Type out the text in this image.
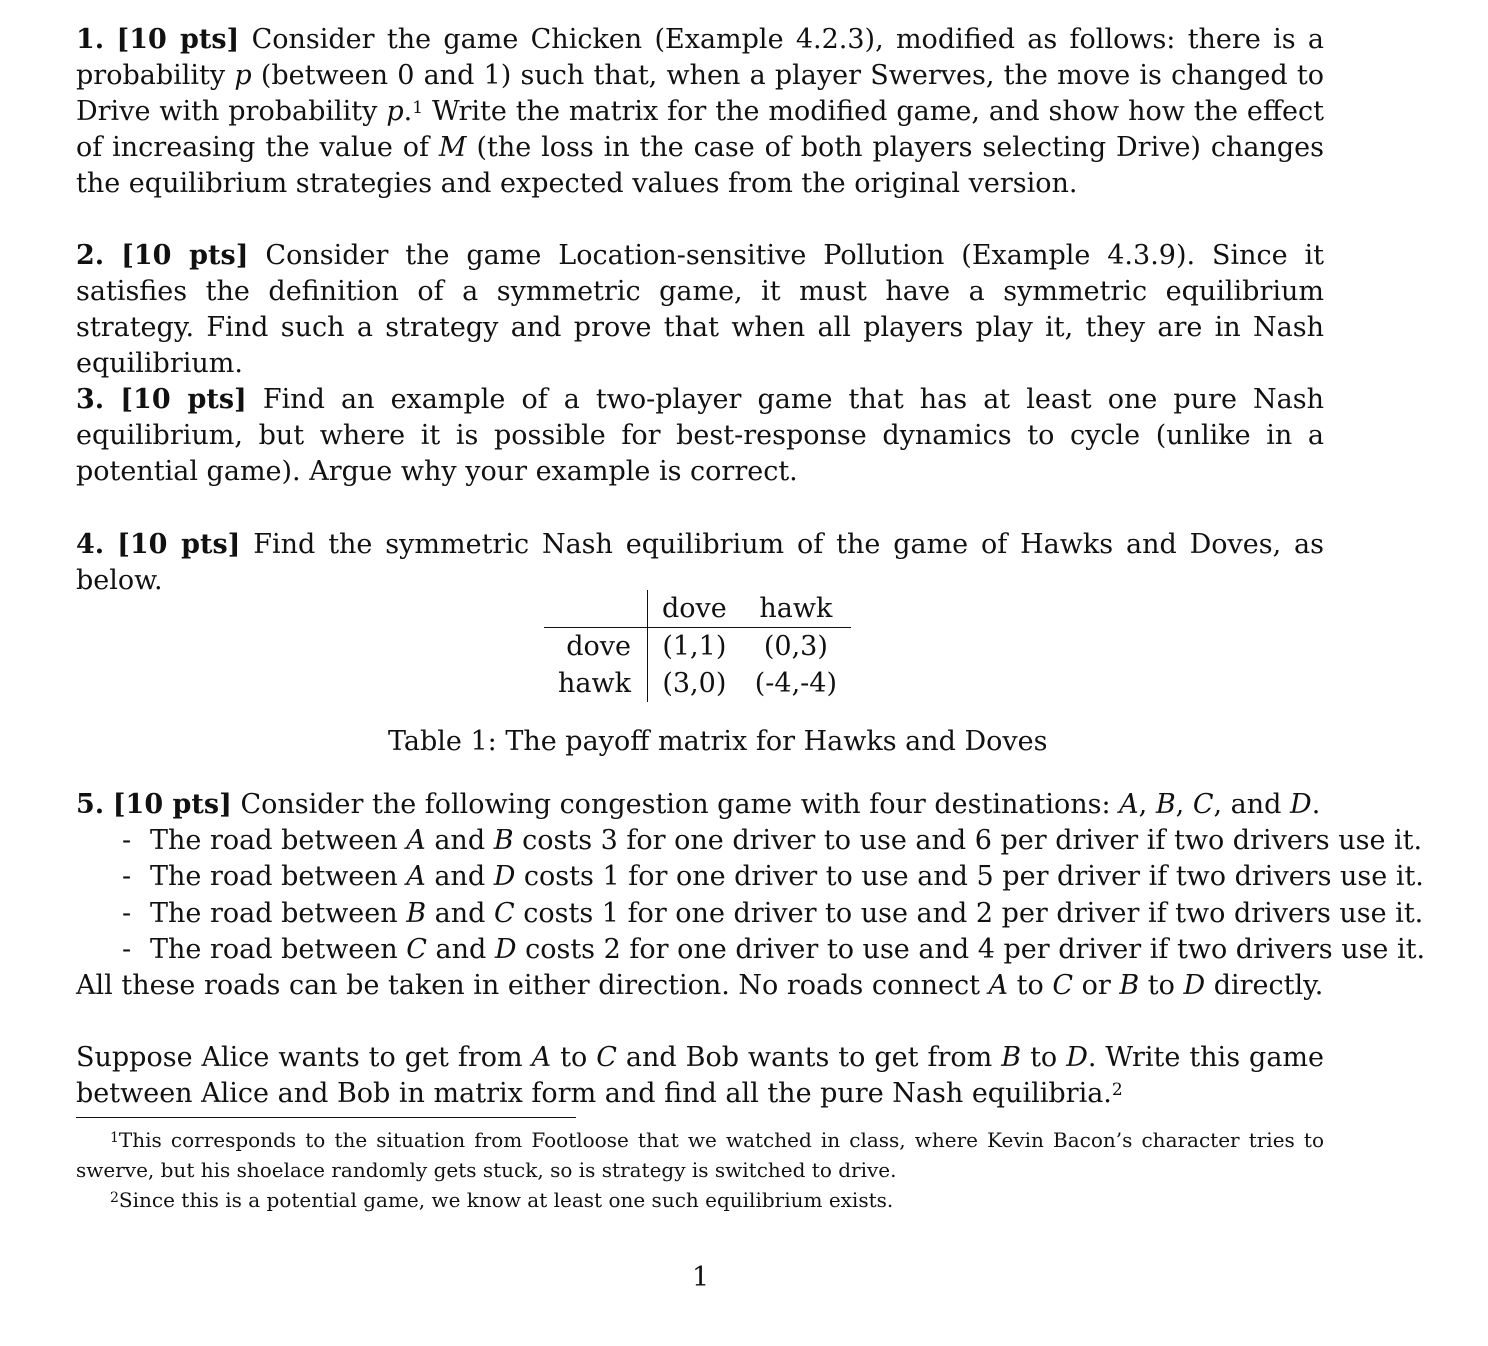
1. [10 pts] Consider the game Chicken (Example 4.2.3), modified as follows: there is a probability p (between 0 and 1) such that, when a player Swerves, the move is changed to Drive with probability p.$^1$ Write the matrix for the modified game, and show how the effect of increasing the value of M (the loss in the case of both players selecting Drive) changes the equilibrium strategies and expected values from the original version.
2. [10 pts] Consider the game Location-sensitive Pollution (Example 4.3.9). Since it satisfies the definition of a symmetric game, it must have a symmetric equilibrium strategy. Find such a strategy and prove that when all players play it, they are in Nash equilibrium.
3. [10 pts] Find an example of a two-player game that has at least one pure Nash equilibrium, but where it is possible for best-response dynamics to cycle (unlike in a potential game). Argue why your example is correct.
4. [10 pts] Find the symmetric Nash equilibrium of the game of Hawks and Doves, as below.
	dove	hawk
dove	(1,1)	(0,3)
hawk	(3,0)	(-4,-4)
Table 1: The payoff matrix for Hawks and Doves
5. [10 pts] Consider the following congestion game with four destinations: A, B, C, and D.
- The road between A and B costs 3 for one driver to use and 6 per driver if two drivers use it.
- The road between A and D costs 1 for one driver to use and 5 per driver if two drivers use it.
- The road between B and C costs 1 for one driver to use and 2 per driver if two drivers use it.
- The road between C and D costs 2 for one driver to use and 4 per driver if two drivers use it.
All these roads can be taken in either direction. No roads connect A to C or B to D directly.
Suppose Alice wants to get from A to C and Bob wants to get from B to D. Write this game between Alice and Bob in matrix form and find all the pure Nash equilibria.$^2$
$^1$This corresponds to the situation from Footloose that we watched in class, where Kevin Bacon’s character tries to swerve, but his shoelace randomly gets stuck, so is strategy is switched to drive.
$^2$Since this is a potential game, we know at least one such equilibrium exists.
1
